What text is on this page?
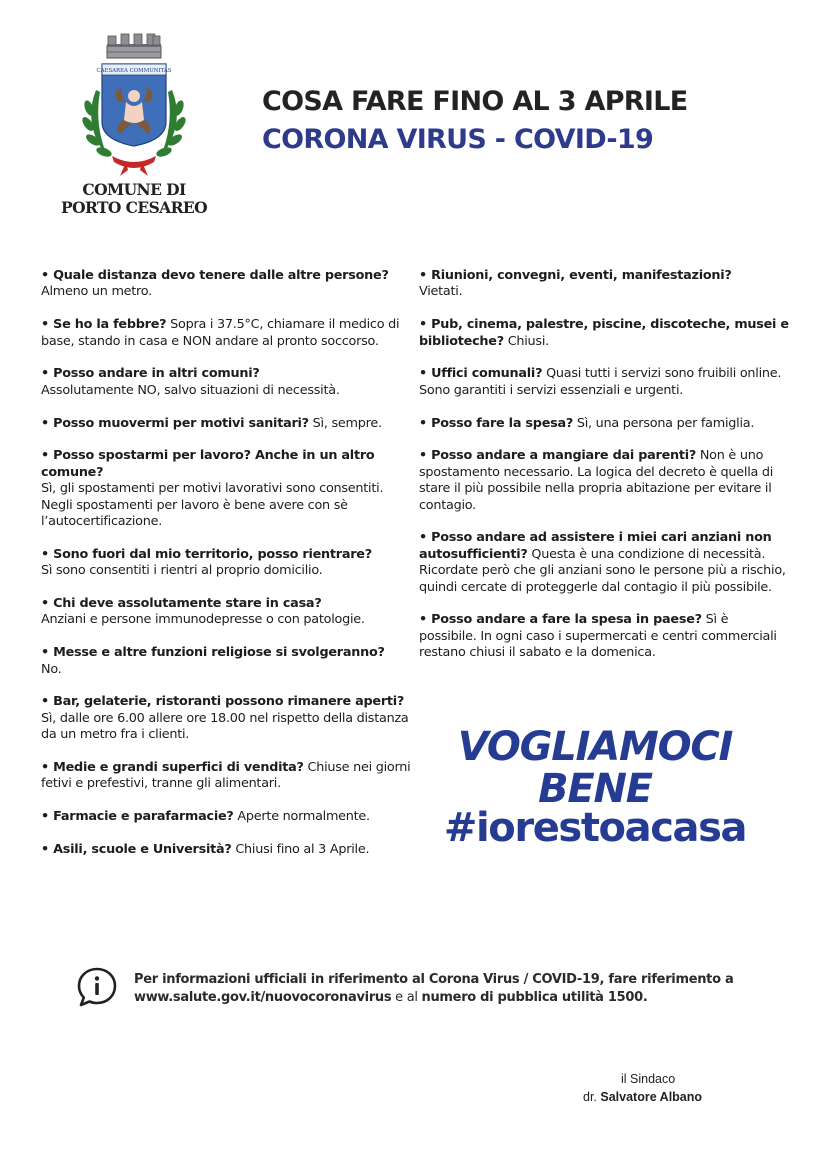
CAESAREA COMMUNITAS
COMUNE DI
PORTO CESAREO
COSA FARE FINO AL 3 APRILE
CORONA VIRUS - COVID-19

• Quale distanza devo tenere dalle altre persone?

Almeno un metro.

• Se ho la febbre? Sopra i 37.5°C, chiamare il medico di base, stando in casa e NON andare al pronto soccorso.

• Posso andare in altri comuni?

Assolutamente NO, salvo situazioni di necessità.

• Posso muovermi per motivi sanitari? Sì, sempre.

• Posso spostarmi per lavoro? Anche in un altro comune?

Sì, gli spostamenti per motivi lavorativi sono consentiti. Negli spostamenti per lavoro è bene avere con sè l’autocertificazione.

• Sono fuori dal mio territorio, posso rientrare?

Sì sono consentiti i rientri al proprio domicilio.

• Chi deve assolutamente stare in casa?

Anziani e persone immunodepresse o con patologie.

• Messe e altre funzioni religiose si svolgeranno?

No.

• Bar, gelaterie, ristoranti possono rimanere aperti? Sì, dalle ore 6.00 allere ore 18.00 nel rispetto della distanza da un metro fra i clienti.

• Medie e grandi superfici di vendita? Chiuse nei giorni fetivi e prefestivi, tranne gli alimentari.

• Farmacie e parafarmacie? Aperte normalmente.

• Asili, scuole e Università? Chiusi fino al 3 Aprile.

• Riunioni, convegni, eventi, manifestazioni?

Vietati.

• Pub, cinema, palestre, piscine, discoteche, musei e biblioteche? Chiusi.

• Uffici comunali? Quasi tutti i servizi sono fruibili online. Sono garantiti i servizi essenziali e urgenti.

• Posso fare la spesa? Sì, una persona per famiglia.

• Posso andare a mangiare dai parenti? Non è uno spostamento necessario. La logica del decreto è quella di stare il più possibile nella propria abitazione per evitare il contagio.

• Posso andare ad assistere i miei cari anziani non autosufficienti? Questa è una condizione di necessità. Ricordate però che gli anziani sono le persone più a rischio, quindi cercate di proteggerle dal contagio il più possibile.

• Posso andare a fare la spesa in paese? Sì è possibile. In ogni caso i supermercati e centri commerciali restano chiusi il sabato e la domenica.

VOGLIAMOCI
BENE
#iorestoacasa
Per informazioni ufficiali in riferimento al Corona Virus / COVID-19, fare riferimento a
www.salute.gov.it/nuovocoronavirus e al numero di pubblica utilità 1500.
il Sindaco
dr. Salvatore Albano
